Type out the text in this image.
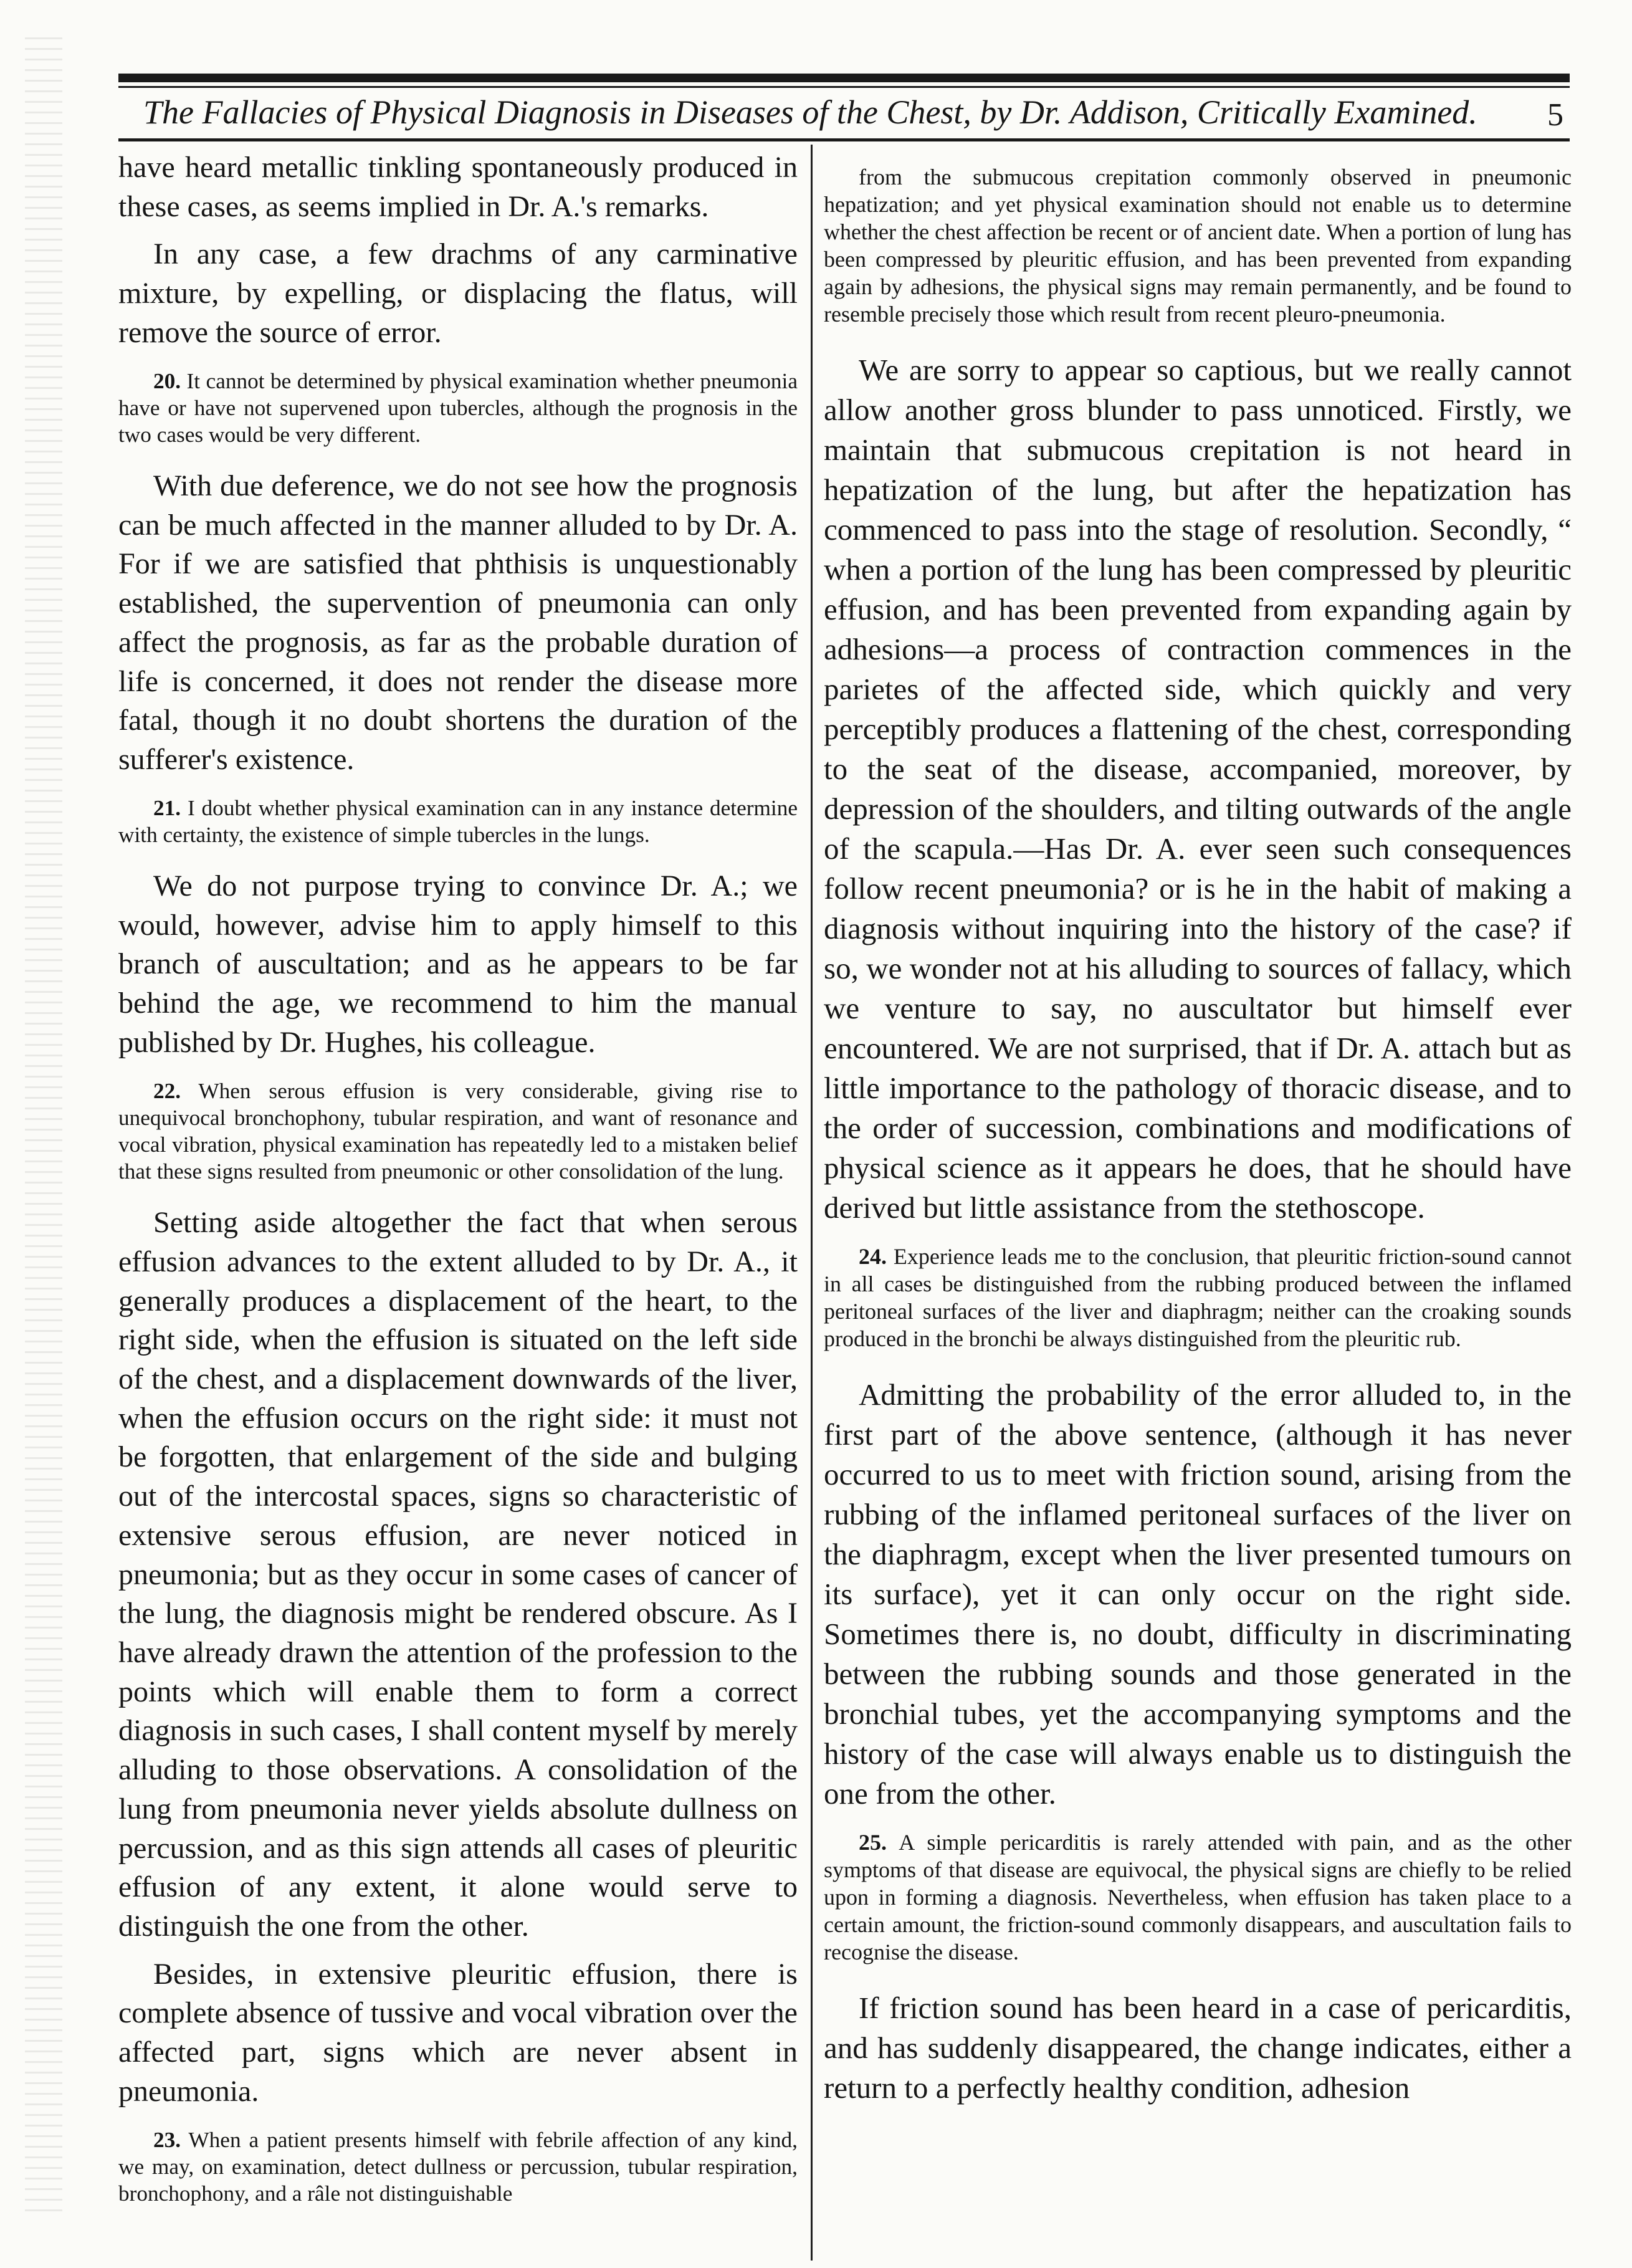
The Fallacies of Physical Diagnosis in Diseases of the Chest, by Dr. Addison, Critically Examined.	5

have heard metallic tinkling spontaneously produced in these cases, as seems implied in Dr. A.'s remarks.

In any case, a few drachms of any carminative mixture, by expelling, or displacing the flatus, will remove the source of error.

20. It cannot be determined by physical examination whether pneumonia have or have not supervened upon tubercles, although the prognosis in the two cases would be very different.

With due deference, we do not see how the prognosis can be much affected in the manner alluded to by Dr. A. For if we are satisfied that phthisis is unquestionably established, the supervention of pneumonia can only affect the prognosis, as far as the probable duration of life is concerned, it does not render the disease more fatal, though it no doubt shortens the duration of the sufferer's existence.

21. I doubt whether physical examination can in any instance determine with certainty, the existence of simple tubercles in the lungs.

We do not purpose trying to convince Dr. A.; we would, however, advise him to apply himself to this branch of auscultation; and as he appears to be far behind the age, we recommend to him the manual published by Dr. Hughes, his colleague.

22. When serous effusion is very considerable, giving rise to unequivocal bronchophony, tubular respiration, and want of resonance and vocal vibration, physical examination has repeatedly led to a mistaken belief that these signs resulted from pneumonic or other consolidation of the lung.

Setting aside altogether the fact that when serous effusion advances to the extent alluded to by Dr. A., it generally produces a displacement of the heart, to the right side, when the effusion is situated on the left side of the chest, and a displacement downwards of the liver, when the effusion occurs on the right side: it must not be forgotten, that enlargement of the side and bulging out of the intercostal spaces, signs so characteristic of extensive serous effusion, are never noticed in pneumonia; but as they occur in some cases of cancer of the lung, the diagnosis might be rendered obscure. As I have already drawn the attention of the profession to the points which will enable them to form a correct diagnosis in such cases, I shall content myself by merely alluding to those observations. A consolidation of the lung from pneumonia never yields absolute dullness on percussion, and as this sign attends all cases of pleuritic effusion of any extent, it alone would serve to distinguish the one from the other.

Besides, in extensive pleuritic effusion, there is complete absence of tussive and vocal vibration over the affected part, signs which are never absent in pneumonia.

23. When a patient presents himself with febrile affection of any kind, we may, on examination, detect dullness or percussion, tubular respiration, bronchophony, and a râle not distinguishable

from the submucous crepitation commonly observed in pneumonic hepatization; and yet physical examination should not enable us to determine whether the chest affection be recent or of ancient date. When a portion of lung has been compressed by pleuritic effusion, and has been prevented from expanding again by adhesions, the physical signs may remain permanently, and be found to resemble precisely those which result from recent pleuro-pneumonia.

We are sorry to appear so captious, but we really cannot allow another gross blunder to pass unnoticed. Firstly, we maintain that submucous crepitation is not heard in hepatization of the lung, but after the hepatization has commenced to pass into the stage of resolution. Secondly, “ when a portion of the lung has been compressed by pleuritic effusion, and has been prevented from expanding again by adhesions—a process of contraction commences in the parietes of the affected side, which quickly and very perceptibly produces a flattening of the chest, corresponding to the seat of the disease, accompanied, moreover, by depression of the shoulders, and tilting outwards of the angle of the scapula.—Has Dr. A. ever seen such consequences follow recent pneumonia? or is he in the habit of making a diagnosis without inquiring into the history of the case? if so, we wonder not at his alluding to sources of fallacy, which we venture to say, no auscultator but himself ever encountered. We are not surprised, that if Dr. A. attach but as little importance to the pathology of thoracic disease, and to the order of succession, combinations and modifications of physical science as it appears he does, that he should have derived but little assistance from the stethoscope.

24. Experience leads me to the conclusion, that pleuritic friction-sound cannot in all cases be distinguished from the rubbing produced between the inflamed peritoneal surfaces of the liver and diaphragm; neither can the croaking sounds produced in the bronchi be always distinguished from the pleuritic rub.

Admitting the probability of the error alluded to, in the first part of the above sentence, (although it has never occurred to us to meet with friction sound, arising from the rubbing of the inflamed peritoneal surfaces of the liver on the diaphragm, except when the liver presented tumours on its surface), yet it can only occur on the right side. Sometimes there is, no doubt, difficulty in discriminating between the rubbing sounds and those generated in the bronchial tubes, yet the accompanying symptoms and the history of the case will always enable us to distinguish the one from the other.

25. A simple pericarditis is rarely attended with pain, and as the other symptoms of that disease are equivocal, the physical signs are chiefly to be relied upon in forming a diagnosis. Nevertheless, when effusion has taken place to a certain amount, the friction-sound commonly disappears, and auscultation fails to recognise the disease.

If friction sound has been heard in a case of pericarditis, and has suddenly disappeared, the change indicates, either a return to a perfectly healthy condition, adhesion
